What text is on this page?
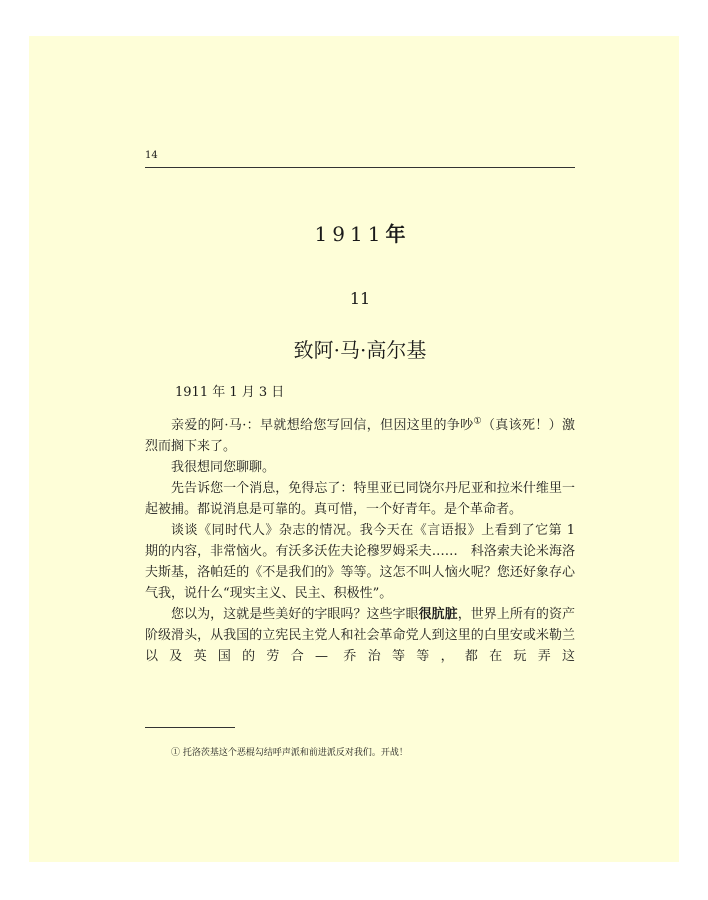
14
1911年
11
致阿·马·高尔基
1911 年 1 月 3 日

亲爱的阿·马·：早就想给您写回信，但因这里的争吵①（真该死！）激烈而搁下来了。

我很想同您聊聊。

先告诉您一个消息，免得忘了：特里亚已同饶尔丹尼亚和拉米什维里一起被捕。都说消息是可靠的。真可惜，一个好青年。是个革命者。

谈谈《同时代人》杂志的情况。我今天在《言语报》上看到了它第 1 期的内容，非常恼火。有沃多沃佐夫论穆罗姆采夫……　科洛索夫论米海洛夫斯基，洛帕廷的《不是我们的》等等。这怎不叫人恼火呢？您还好象存心气我，说什么“现实主义、民主、积极性”。

您以为，这就是些美好的字眼吗？这些字眼很肮脏，世界上所有的资产阶级滑头，从我国的立宪民主党人和社会革命党人到这里的白里安或米勒兰以及英国的劳合— 乔治等等，都在玩弄这

① 托洛茨基这个恶棍勾结呼声派和前进派反对我们。开战！
